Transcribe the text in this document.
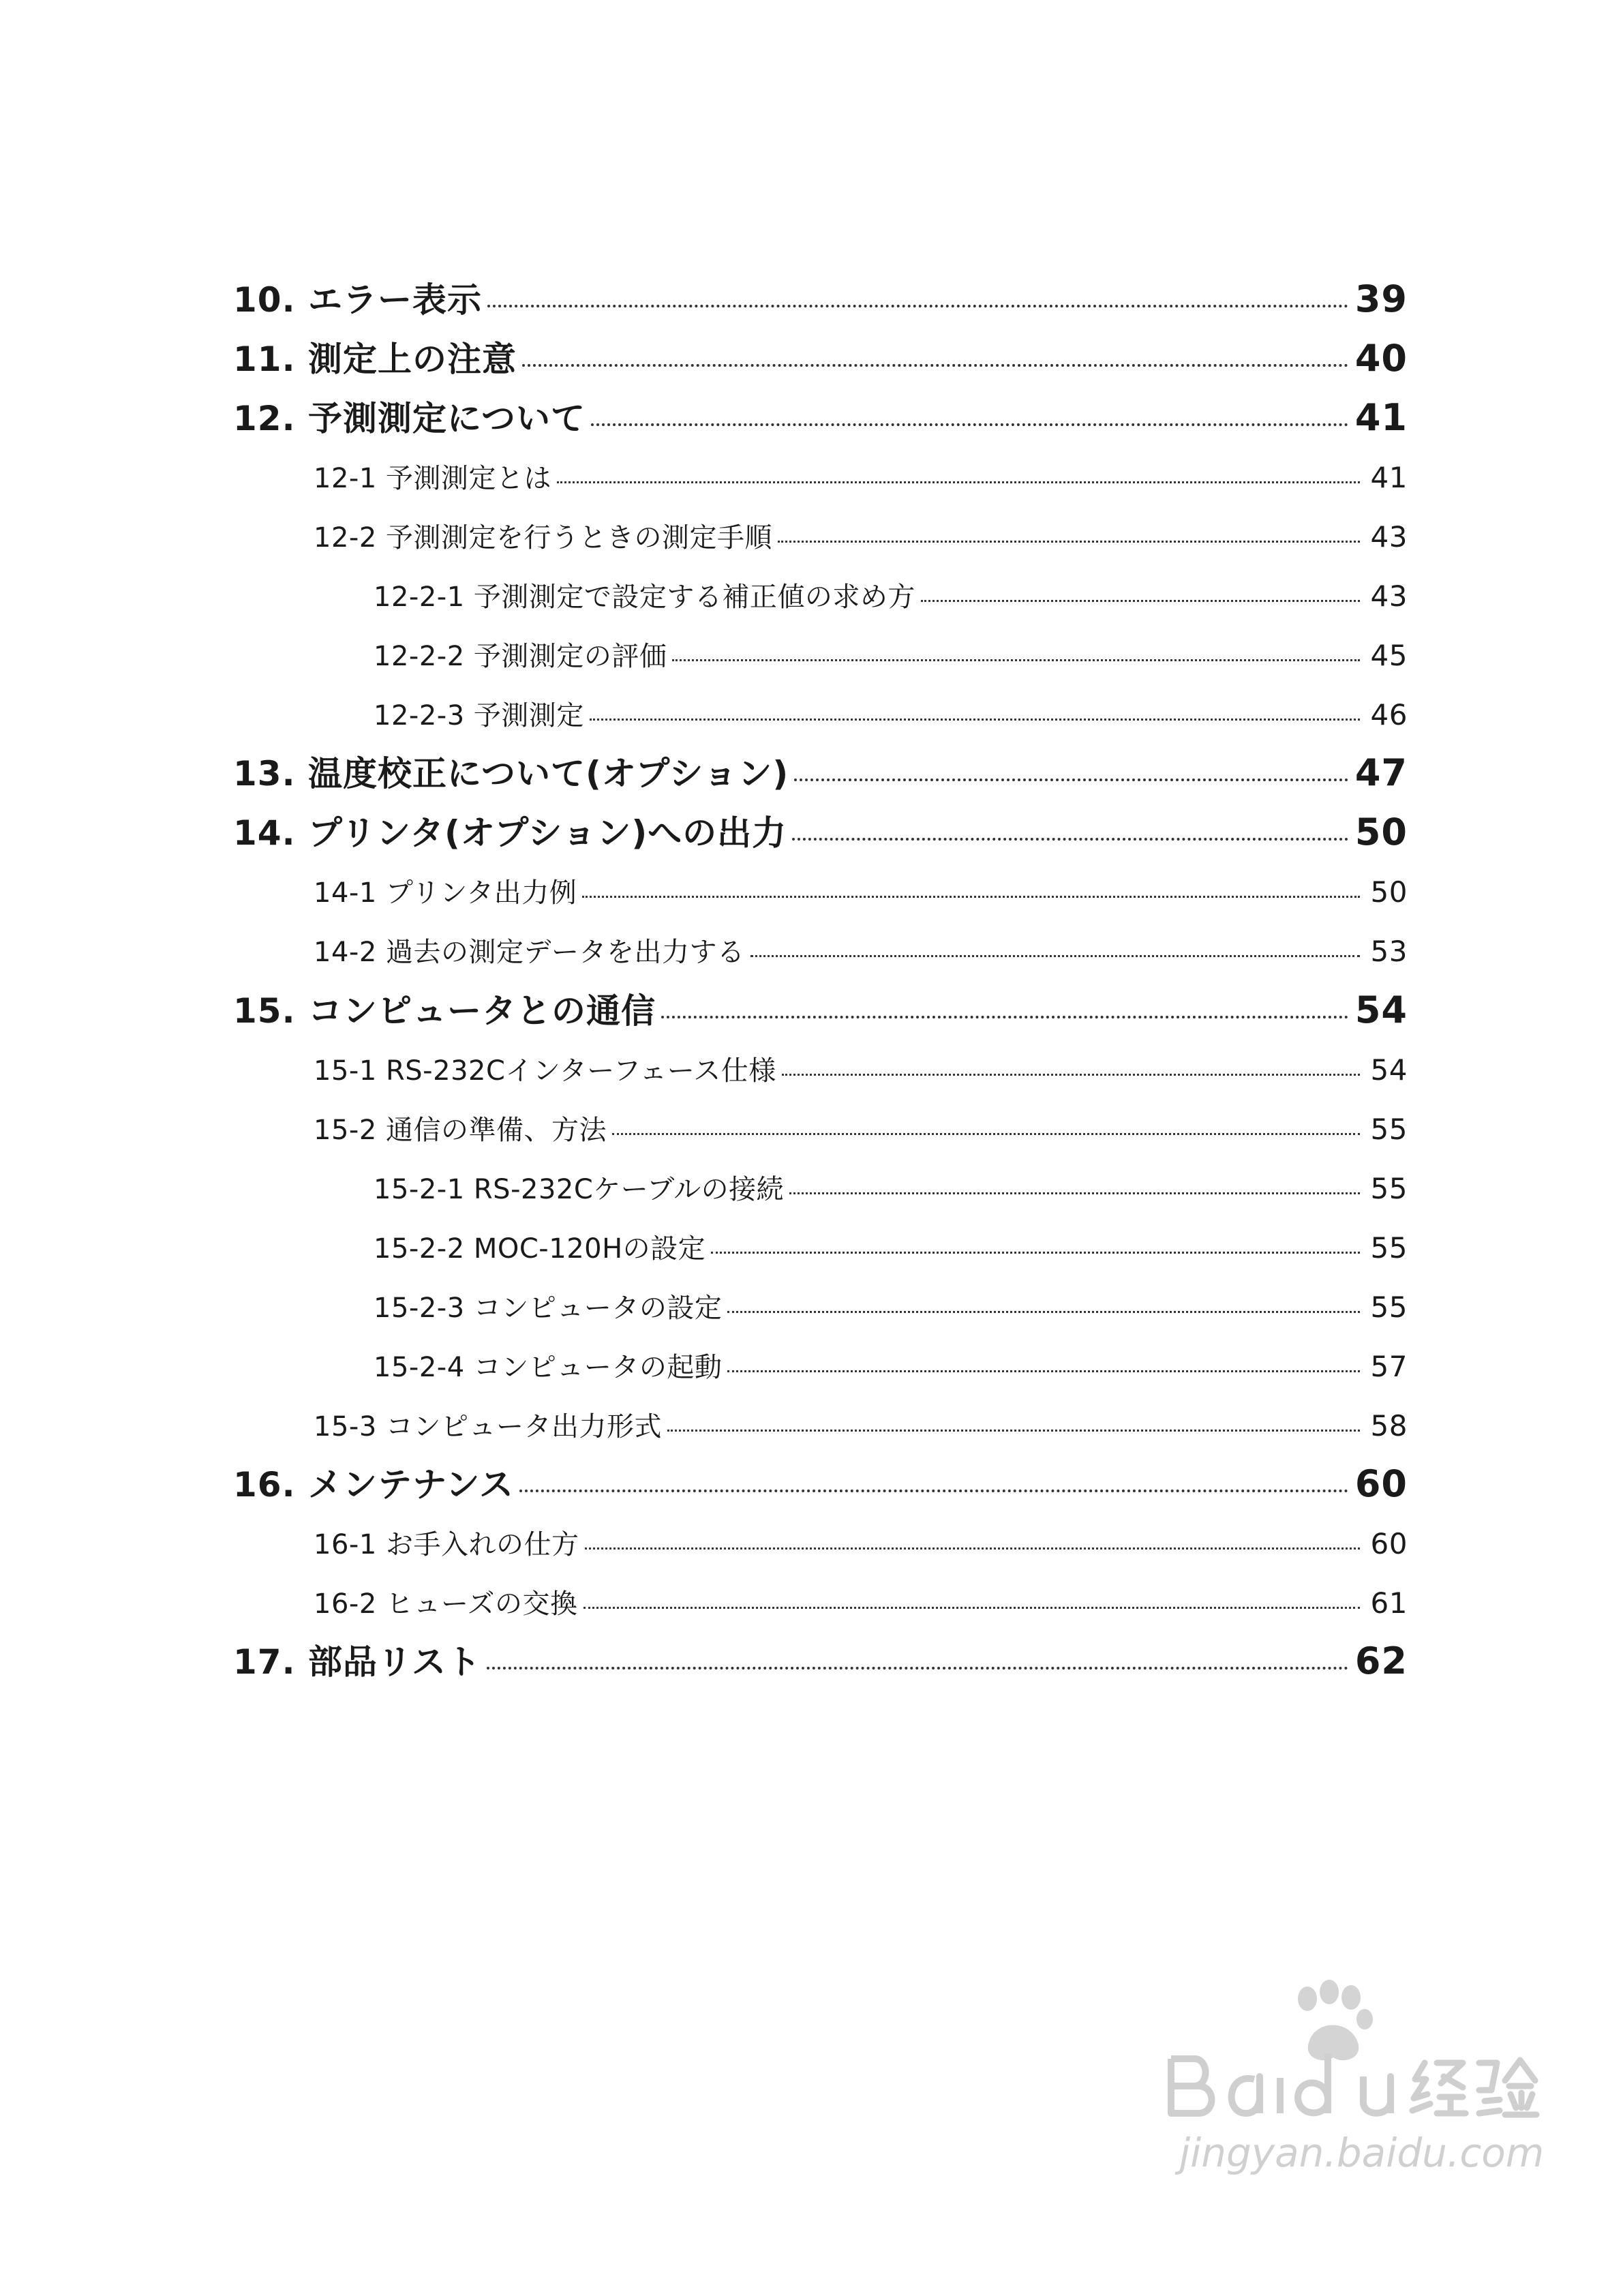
10. エラー表示	39
11. 測定上の注意	40
12. 予測測定について	41
12-1 予測測定とは	41
12-2 予測測定を行うときの測定手順	43
12-2-1 予測測定で設定する補正値の求め方	43
12-2-2 予測測定の評価	45
12-2-3 予測測定	46
13. 温度校正について(オプション)	47
14. プリンタ(オプション)への出力	50
14-1 プリンタ出力例	50
14-2 過去の測定データを出力する	53
15. コンピュータとの通信	54
15-1 RS-232Cインターフェース仕様	54
15-2 通信の準備、方法	55
15-2-1 RS-232Cケーブルの接続	55
15-2-2 MOC-120Hの設定	55
15-2-3 コンピュータの設定	55
15-2-4 コンピュータの起動	57
15-3 コンピュータ出力形式	58
16. メンテナンス	60
16-1 お手入れの仕方	60
16-2 ヒューズの交換	61
17. 部品リスト	62
jingyan.baidu.com
